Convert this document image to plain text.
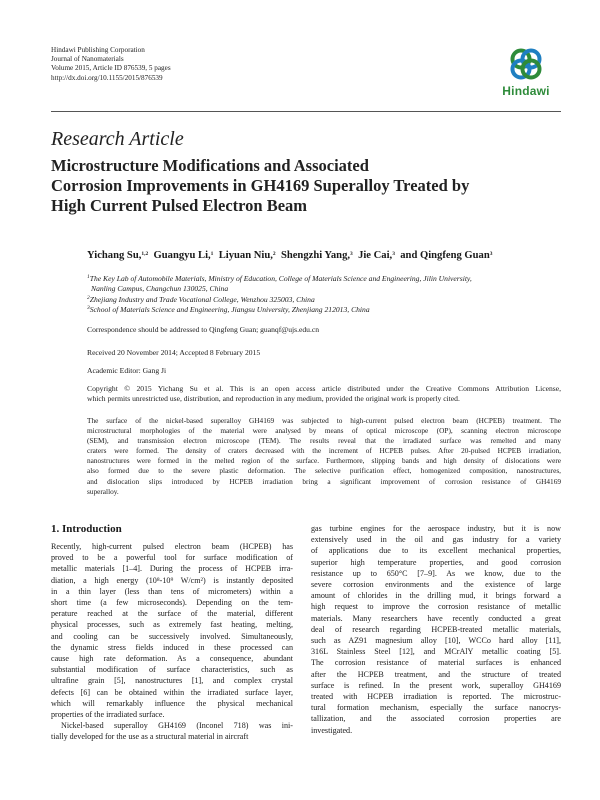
Hindawi Publishing Corporation
Journal of Nanomaterials
Volume 2015, Article ID 876539, 5 pages
http://dx.doi.org/10.1155/2015/876539
Hindawi
Research Article
Microstructure Modifications and Associated
Corrosion Improvements in GH4169 Superalloy Treated by
High Current Pulsed Electron Beam
Yichang Su,$^{1,2}$ Guangyu Li,$^1$ Liyuan Niu,$^2$ Shengzhi Yang,$^3$ Jie Cai,$^3$ and Qingfeng Guan$^3$
$^1$The Key Lab of Automobile Materials, Ministry of Education, College of Materials Science and Engineering, Jilin University,
Nanling Campus, Changchun 130025, China
$^2$Zhejiang Industry and Trade Vocational College, Wenzhou 325003, China
$^3$School of Materials Science and Engineering, Jiangsu University, Zhenjiang 212013, China
Correspondence should be addressed to Qingfeng Guan; guanqf@ujs.edu.cn
Received 20 November 2014; Accepted 8 February 2015
Academic Editor: Gang Ji
Copyright © 2015 Yichang Su et al. This is an open access article distributed under the Creative Commons Attribution License,
which permits unrestricted use, distribution, and reproduction in any medium, provided the original work is properly cited.
The surface of the nickel-based superalloy GH4169 was subjected to high-current pulsed electron beam (HCPEB) treatment. The
microstructural morphologies of the material were analysed by means of optical microscope (OP), scanning electron microscope
(SEM), and transmission electron microscope (TEM). The results reveal that the irradiated surface was remelted and many
craters were formed. The density of craters decreased with the increment of HCPEB pulses. After 20-pulsed HCPEB irradiation,
nanostructures were formed in the melted region of the surface. Furthermore, slipping bands and high density of dislocations were
also formed due to the severe plastic deformation. The selective purification effect, homogenized composition, nanostructures,
and dislocation slips introduced by HCPEB irradiation bring a significant improvement of corrosion resistance of GH4169
superalloy.
1. Introduction
Recently, high-current pulsed electron beam (HCPEB) has
proved to be a powerful tool for surface modification of
metallic materials [1–4]. During the process of HCPEB irra-
diation, a high energy (10⁸-10⁹ W/cm²) is instantly deposited
in a thin layer (less than tens of micrometers) within a
short time (a few microseconds). Depending on the tem-
perature reached at the surface of the material, different
physical processes, such as extremely fast heating, melting,
and cooling can be successively involved. Simultaneously,
the dynamic stress fields induced in these processed can
cause high rate deformation. As a consequence, abundant
substantial modification of surface characteristics, such as
ultrafine grain [5], nanostructures [1], and complex crystal
defects [6] can be obtained within the irradiated surface layer,
which will remarkably influence the physical mechanical
properties of the irradiated surface.
Nickel-based superalloy GH4169 (Inconel 718) was ini-
tially developed for the use as a structural material in aircraft
gas turbine engines for the aerospace industry, but it is now
extensively used in the oil and gas industry for a variety
of applications due to its excellent mechanical properties,
superior high temperature properties, and good corrosion
resistance up to 650°C [7–9]. As we know, due to the
severe corrosion environments and the existence of large
amount of chlorides in the drilling mud, it brings forward a
high request to improve the corrosion resistance of metallic
materials. Many researchers have recently conducted a great
deal of research regarding HCPEB-treated metallic materials,
such as AZ91 magnesium alloy [10], WCCo hard alloy [11],
316L Stainless Steel [12], and MCrAlY metallic coating [5].
The corrosion resistance of material surfaces is enhanced
after the HCPEB treatment, and the structure of treated
surface is refined. In the present work, superalloy GH4169
treated with HCPEB irradiation is reported. The microstruc-
tural formation mechanism, especially the surface nanocrys-
tallization, and the associated corrosion properties are
investigated.
